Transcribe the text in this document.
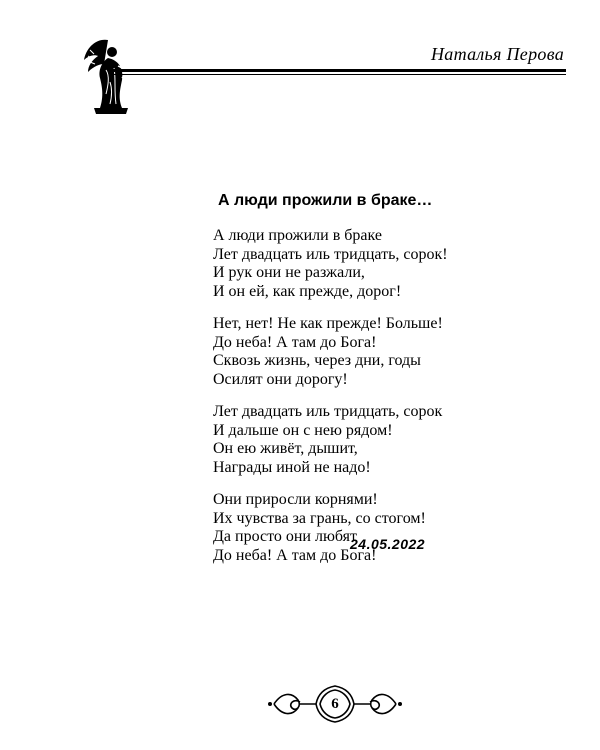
Наталья Перова
А люди прожили в браке…
А люди прожили в браке
Лет двадцать иль тридцать, сорок!
И рук они не разжали,
И он ей, как прежде, дорог!
Нет, нет! Не как прежде! Больше!
До неба! А там до Бога!
Сквозь жизнь, через дни, годы
Осилят они дорогу!
Лет двадцать иль тридцать, сорок
И дальше он с нею рядом!
Он ею живёт, дышит,
Награды иной не надо!
Они приросли корнями!
Их чувства за грань, со стогом!
Да просто они любят
До неба! А там до Бога!
24.05.2022
6
